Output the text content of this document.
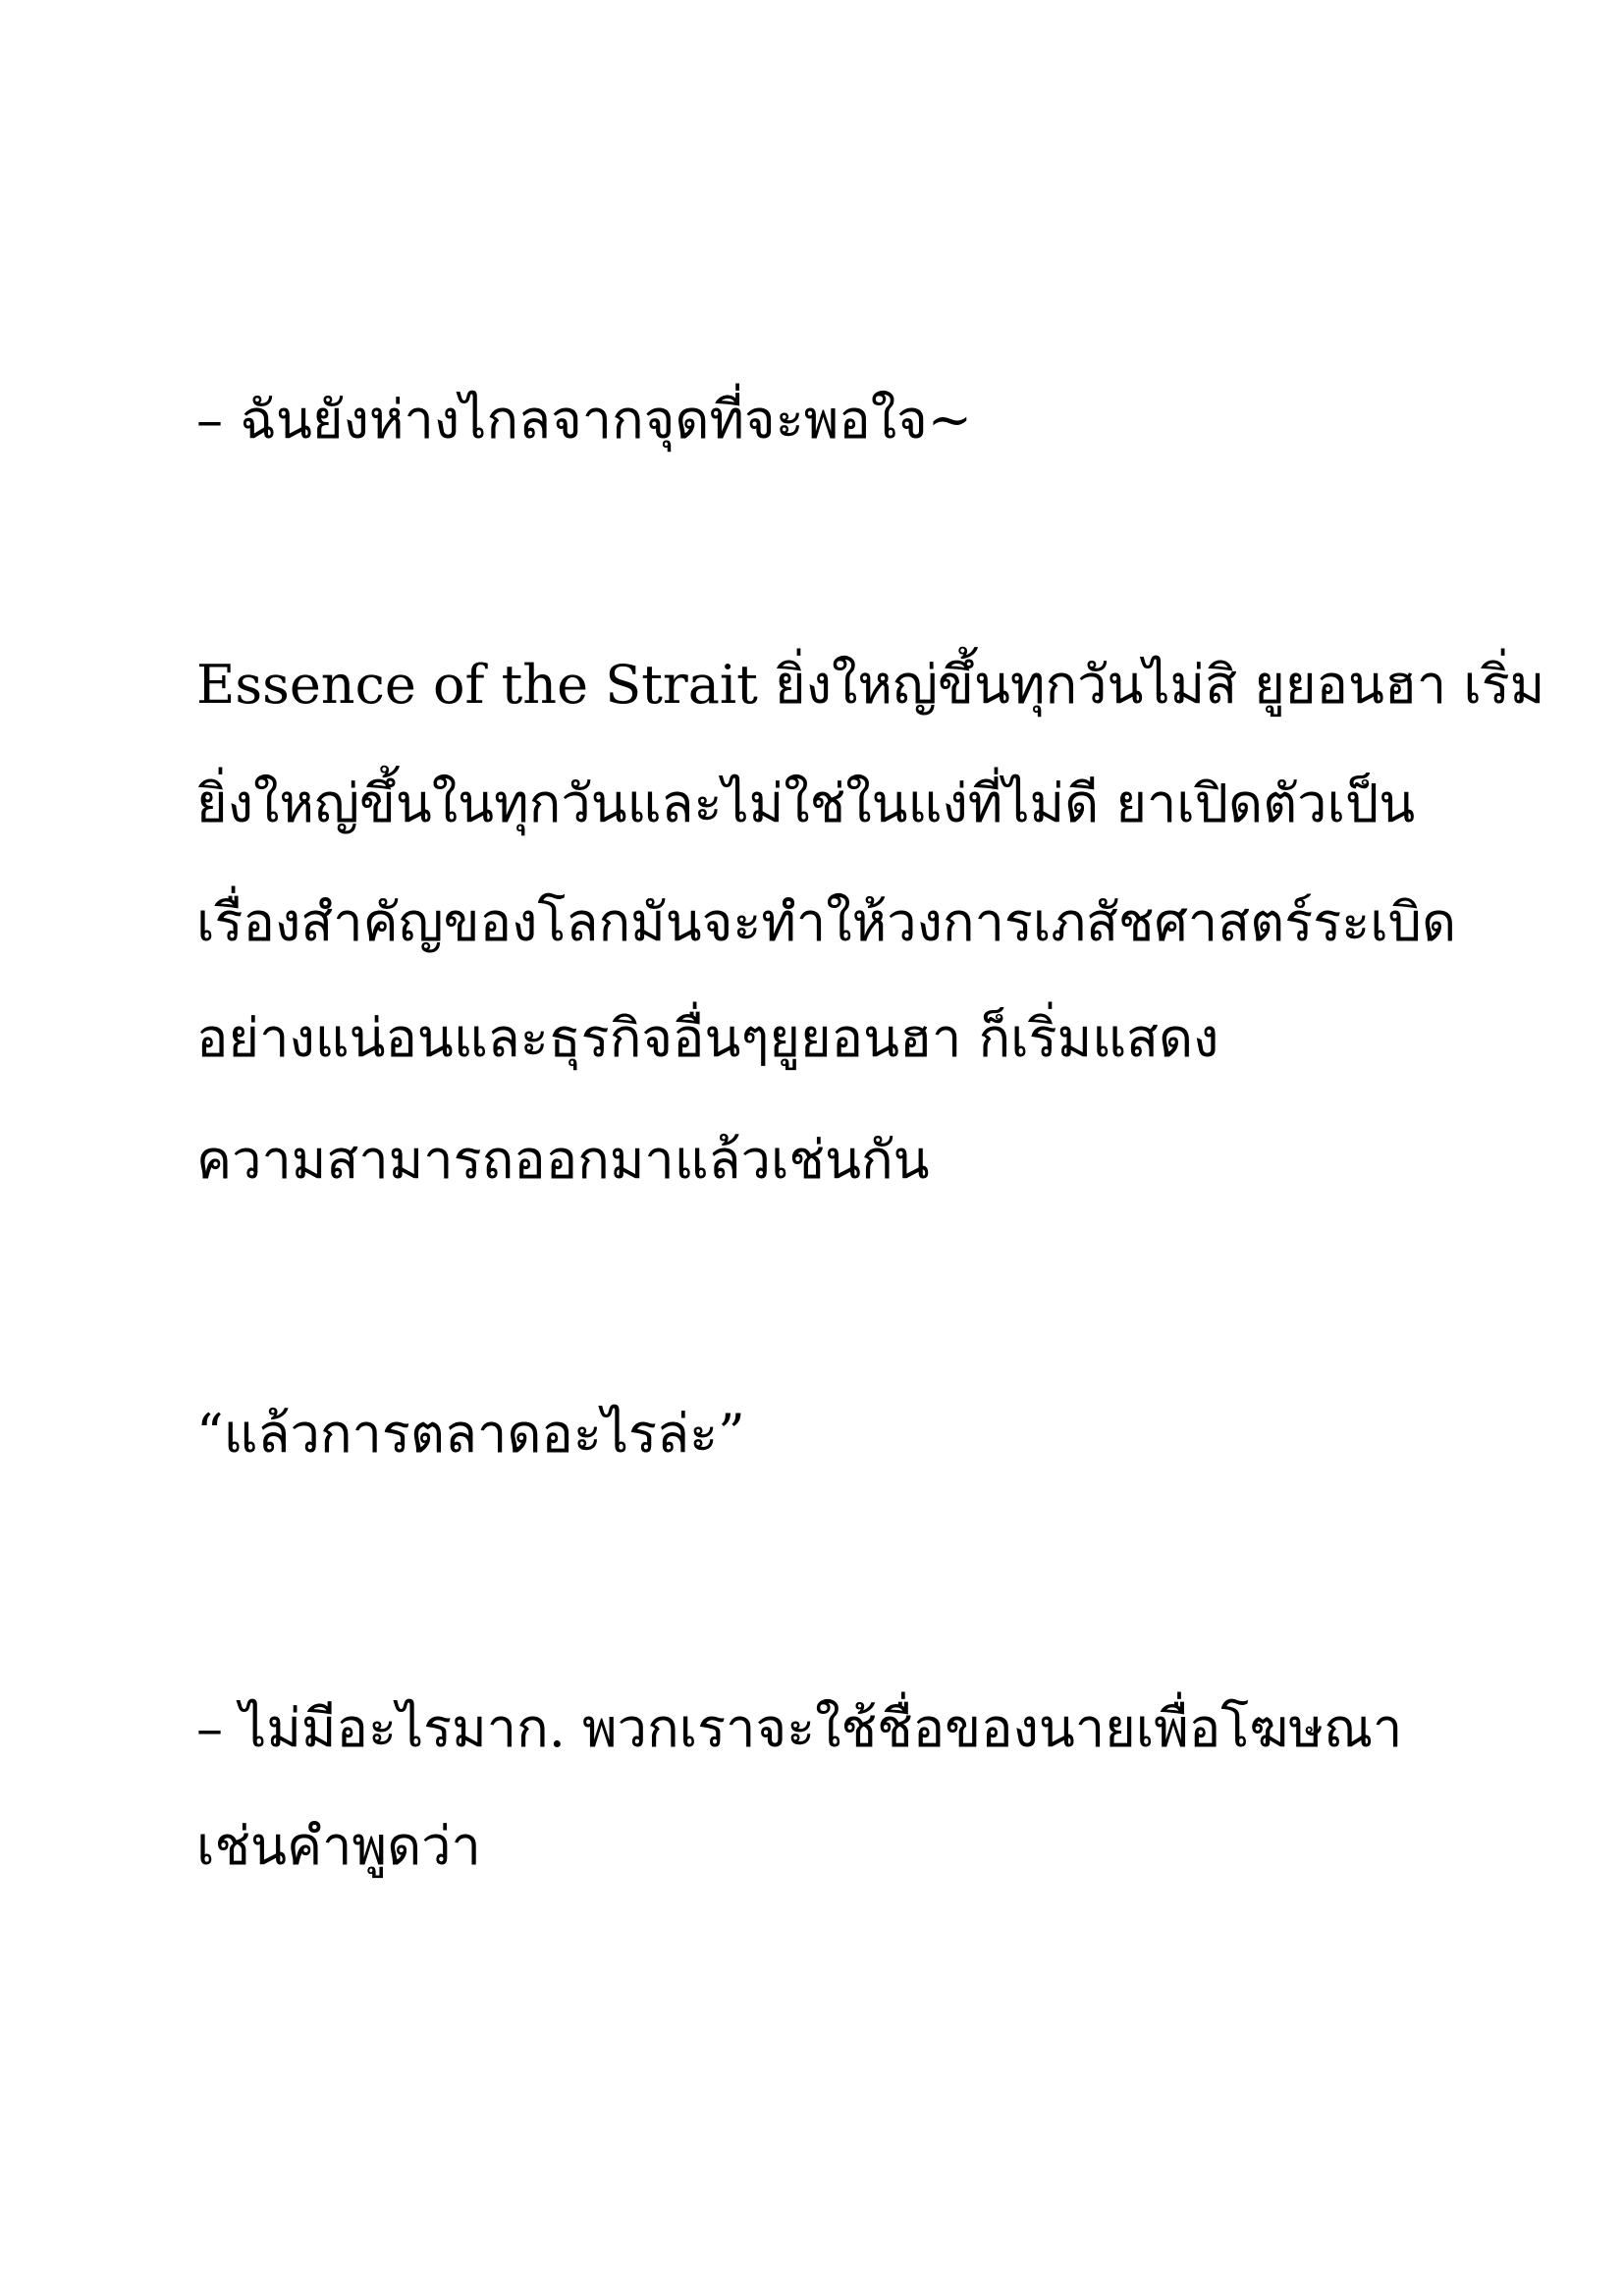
– ฉันยังห่างไกลจากจุดที่จะพอใจ~
Essence of the Strait ยิ่งใหญ่ขึ้นทุกวันไม่สิ ยูยอนฮา เริ่ม
ยิ่งใหญ่ขึ้นในทุกวันและไม่ใช่ในแง่ที่ไม่ดี ยาเปิดตัวเป็น
เรื่องสำคัญของโลกมันจะทำให้วงการเภสัชศาสตร์ระเบิด
อย่างแน่อนและธุรกิจอื่นๆยูยอนฮา ก็เริ่มแสดง
ความสามารถออกมาแล้วเช่นกัน
“แล้วการตลาดอะไรล่ะ”
– ไม่มีอะไรมาก. พวกเราจะใช้ชื่อของนายเพื่อโฆษณา
เช่นคำพูดว่า
